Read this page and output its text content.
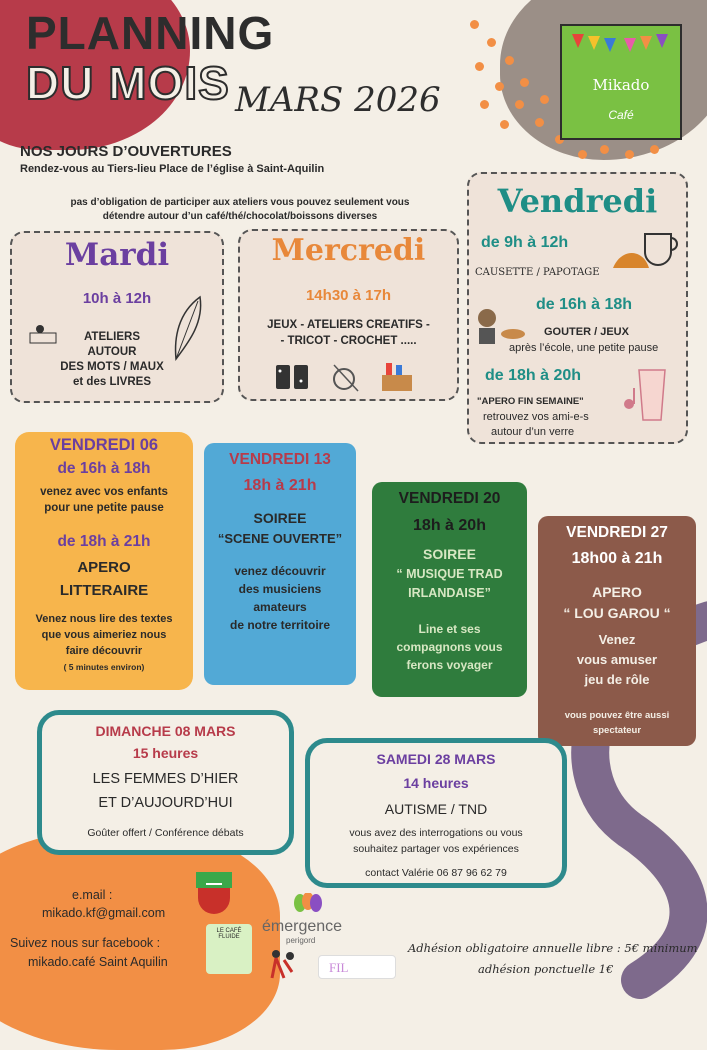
PLANNING
DU MOIS MARS 2026	Mikado
Café
NOS JOURS D’OUVERTURES
Rendez-vous au Tiers-lieu Place de l’église à Saint-Aquilin
pas d’obligation de participer aux ateliers vous pouvez seulement vous
détendre autour d’un café/thé/chocolat/boissons diverses
Mardi
10h à 12h
ATELIERS
AUTOUR
DES MOTS / MAUX
et des LIVRES
Mercredi
14h30 à 17h
JEUX - ATELIERS CREATIFS -
- TRICOT - CROCHET .....
Vendredi
de 9h à 12h
CAUSETTE / PAPOTAGE
de 16h à 18h
GOUTER / JEUX
après l’école, une petite pause
de 18h à 20h
"APERO FIN SEMAINE"
retrouvez vos ami-e-s
autour d’un verre
VENDREDI 06
de 16h à 18h
venez avec vos enfants
pour une petite pause
de 18h à 21h
APERO
LITTERAIRE
Venez nous lire des textes
que vous aimeriez nous
faire découvrir
( 5 minutes environ)
VENDREDI 13
18h à 21h
SOIREE
“SCENE OUVERTE”
venez découvrir
des musiciens
amateurs
de notre territoire
VENDREDI 20
18h à 20h
SOIREE
“ MUSIQUE TRAD
IRLANDAISE”
Line et ses
compagnons vous
ferons voyager
VENDREDI 27
18h00 à 21h
APERO
“ LOU GAROU “
Venez
vous amuser
jeu de rôle
vous pouvez être aussi
spectateur
DIMANCHE 08 MARS
15 heures
LES FEMMES D’HIER
ET D’AUJOURD’HUI
Goûter offert / Conférence débats
SAMEDI 28 MARS
14 heures
AUTISME / TND
vous avez des interrogations ou vous
souhaitez partager vos expériences
contact Valérie 06 87 96 62 79
e.mail :
mikado.kf@gmail.com
Suivez nous sur facebook :
mikado.café Saint Aquilin
LE CAFÉ FLUIDE
émergence
perigord
FIL
Adhésion obligatoire annuelle libre : 5€ minimum
adhésion ponctuelle 1€
